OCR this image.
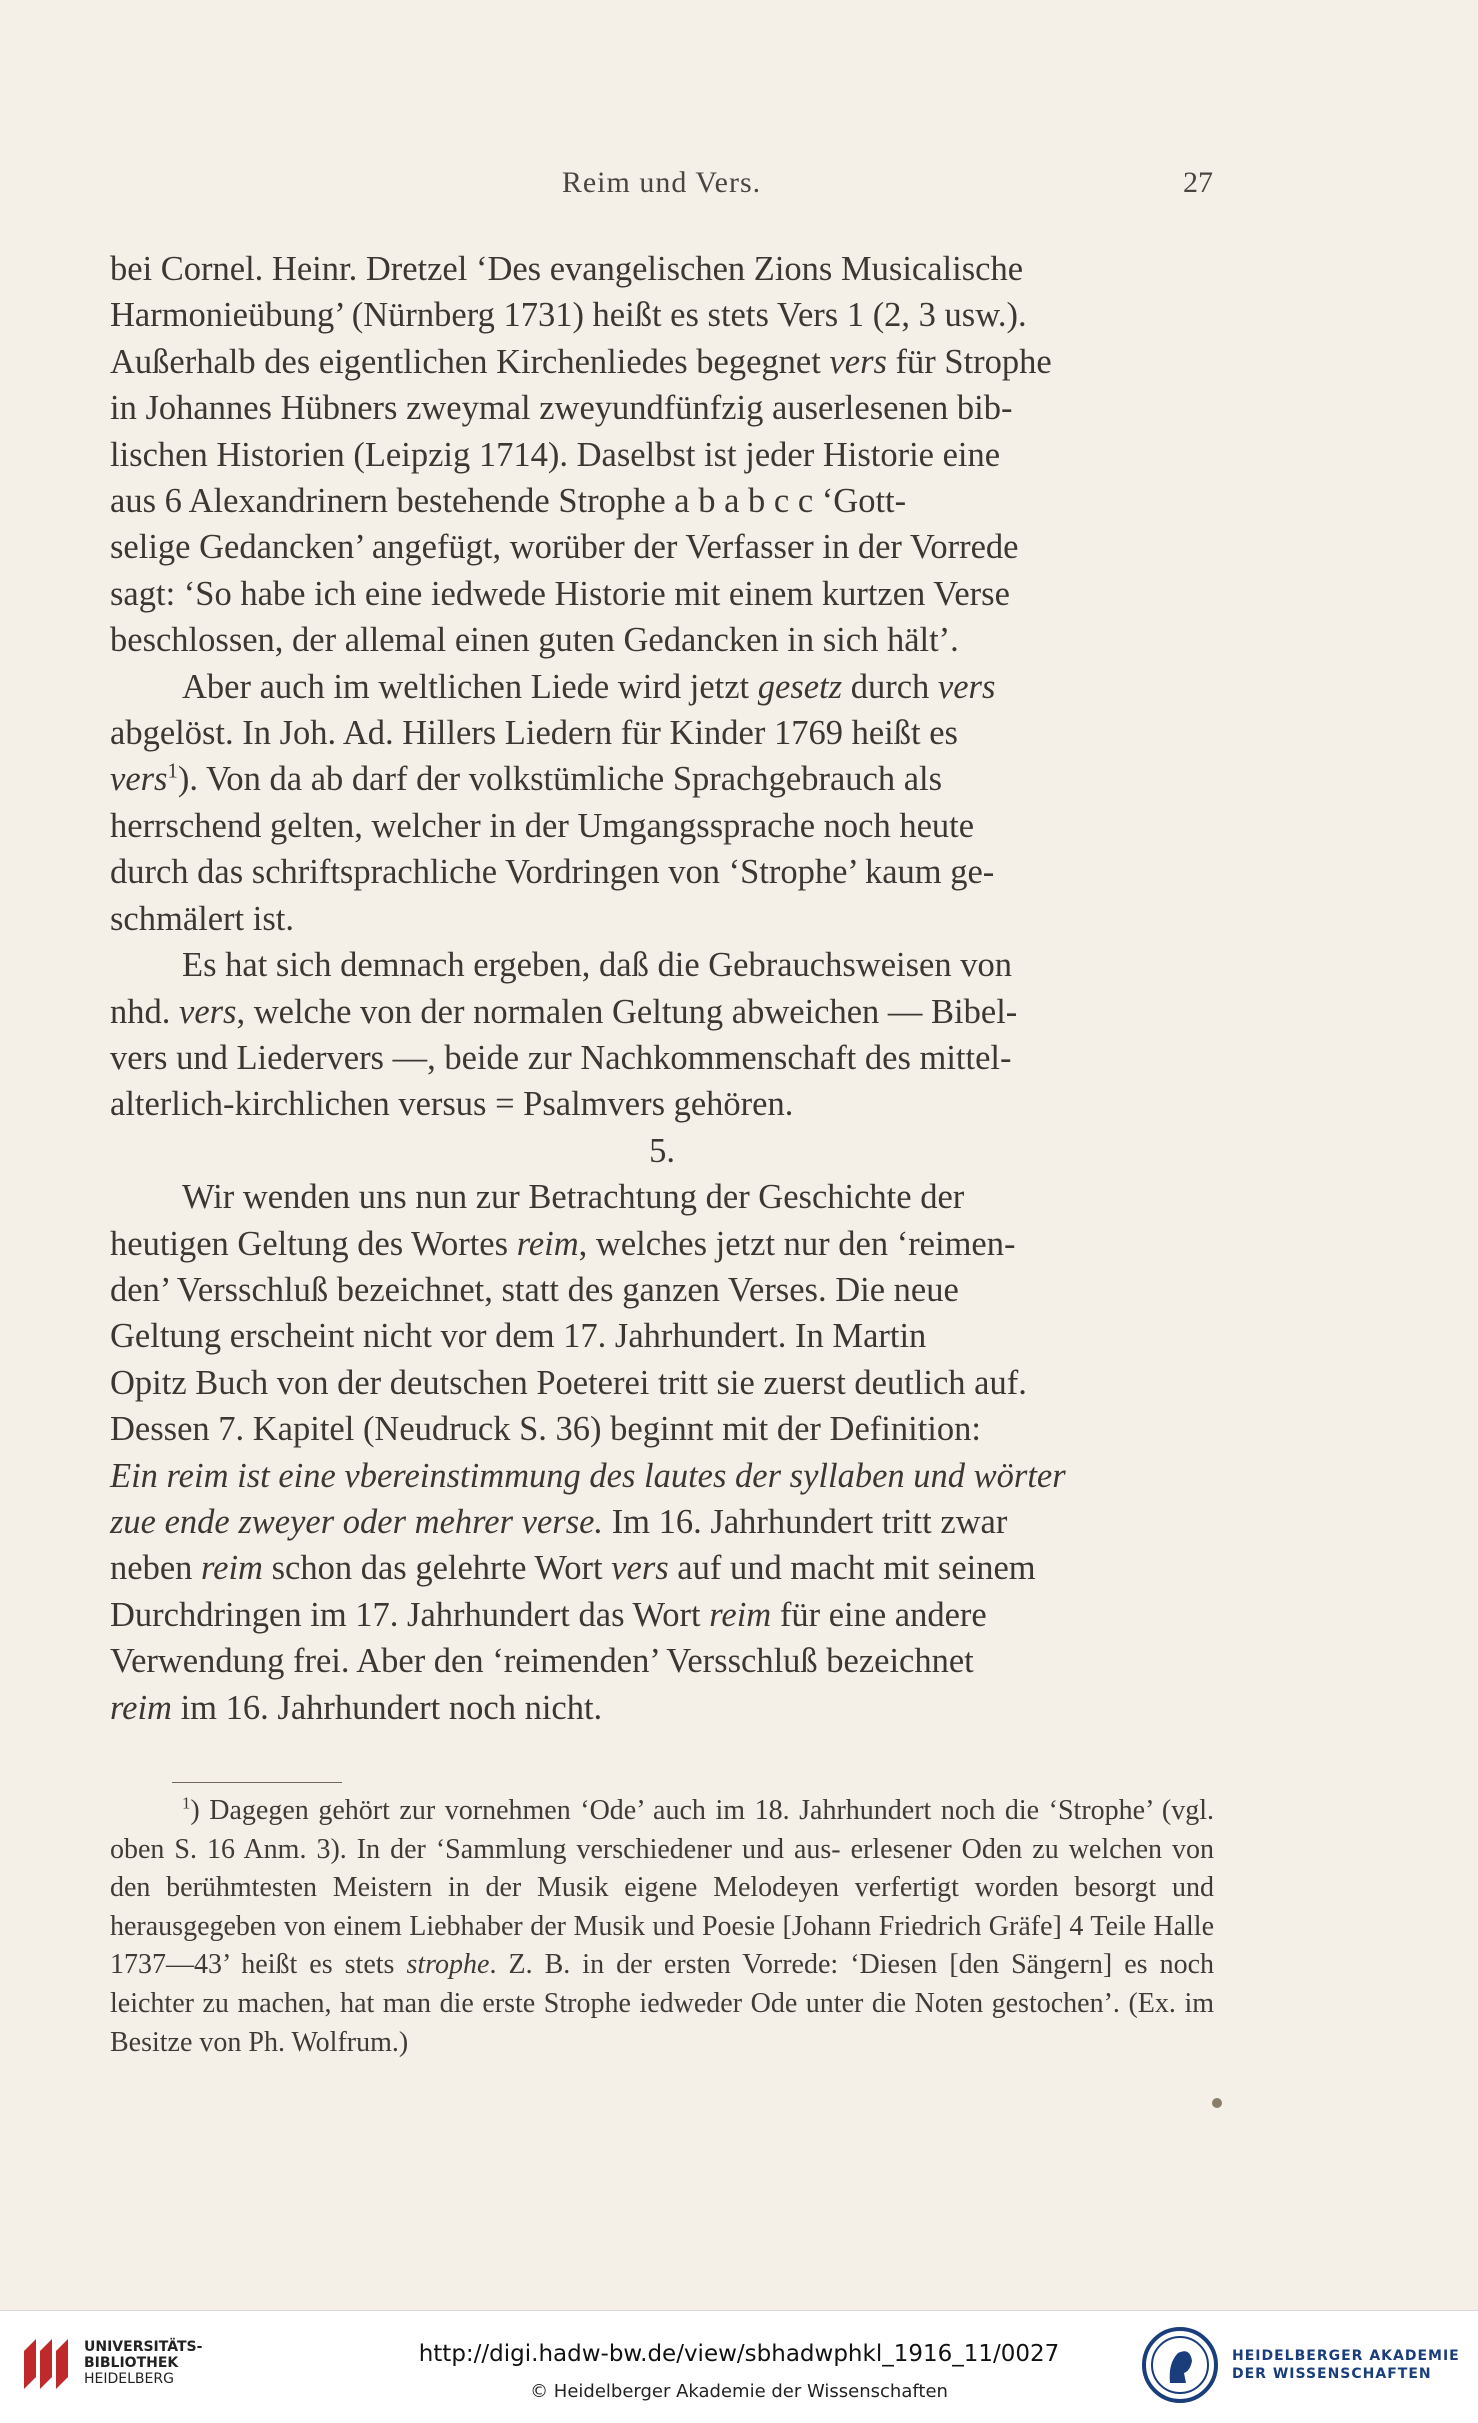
Reim und Vers.	27

bei Cornel. Heinr. Dretzel ‘Des evangelischen Zions Musicalische
Harmonieübung’ (Nürnberg 1731) heißt es stets Vers 1 (2, 3 usw.).
Außerhalb des eigentlichen Kirchenliedes begegnet vers für Strophe
in Johannes Hübners zweymal zweyundfünfzig auserlesenen bib-
lischen Historien (Leipzig 1714). Daselbst ist jeder Historie eine
aus 6 Alexandrinern bestehende Strophe a b a b c c ‘Gott-
selige Gedancken’ angefügt, worüber der Verfasser in der Vorrede
sagt: ‘So habe ich eine iedwede Historie mit einem kurtzen Verse
beschlossen, der allemal einen guten Gedancken in sich hält’.

Aber auch im weltlichen Liede wird jetzt gesetz durch vers

abgelöst. In Joh. Ad. Hillers Liedern für Kinder 1769 heißt es
vers$^1$). Von da ab darf der volkstümliche Sprachgebrauch als
herrschend gelten, welcher in der Umgangssprache noch heute
durch das schriftsprachliche Vordringen von ‘Strophe’ kaum ge-
schmälert ist.

Es hat sich demnach ergeben, daß die Gebrauchsweisen von

nhd. vers, welche von der normalen Geltung abweichen — Bibel-
vers und Liedervers —, beide zur Nachkommenschaft des mittel-
alterlich-kirchlichen versus = Psalmvers gehören.

5.

Wir wenden uns nun zur Betrachtung der Geschichte der

heutigen Geltung des Wortes reim, welches jetzt nur den ‘reimen-
den’ Versschluß bezeichnet, statt des ganzen Verses. Die neue
Geltung erscheint nicht vor dem 17. Jahrhundert. In Martin
Opitz Buch von der deutschen Poeterei tritt sie zuerst deutlich auf.
Dessen 7. Kapitel (Neudruck S. 36) beginnt mit der Definition:
Ein reim ist eine vbereinstimmung des lautes der syllaben und wörter
zue ende zweyer oder mehrer verse. Im 16. Jahrhundert tritt zwar
neben reim schon das gelehrte Wort vers auf und macht mit seinem
Durchdringen im 17. Jahrhundert das Wort reim für eine andere
Verwendung frei. Aber den ‘reimenden’ Versschluß bezeichnet
reim im 16. Jahrhundert noch nicht.

$^1$) Dagegen gehört zur vornehmen ‘Ode’ auch im 18. Jahrhundert noch die ‘Strophe’ (vgl. oben S. 16 Anm. 3). In der ‘Sammlung verschiedener und aus- erlesener Oden zu welchen von den berühmtesten Meistern in der Musik eigene Melodeyen verfertigt worden besorgt und herausgegeben von einem Liebhaber der Musik und Poesie [Johann Friedrich Gräfe] 4 Teile Halle 1737—43’ heißt es stets strophe. Z. B. in der ersten Vorrede: ‘Diesen [den Sängern] es noch leichter zu machen, hat man die erste Strophe iedweder Ode unter die Noten gestochen’. (Ex. im Besitze von Ph. Wolfrum.)

UNIVERSITÄTS-
BIBLIOTHEK
HEIDELBERG
http://digi.hadw-bw.de/view/sbhadwphkl_1916_11/0027
© Heidelberger Akademie der Wissenschaften
HEIDELBERGER AKADEMIE
DER WISSENSCHAFTEN
